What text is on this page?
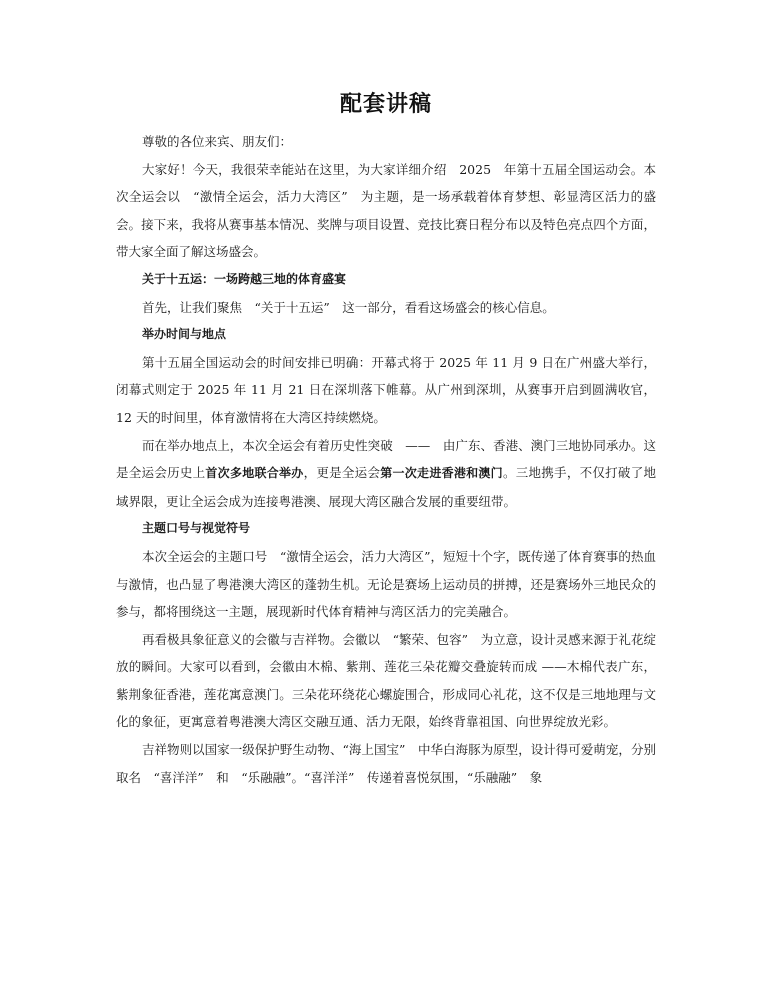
配套讲稿

尊敬的各位来宾、朋友们：

大家好！今天，我很荣幸能站在这里，为大家详细介绍　2025　年第十五届全国运动会。本次全运会以　“激情全运会，活力大湾区”　为主题，是一场承载着体育梦想、彰显湾区活力的盛会。接下来，我将从赛事基本情况、奖牌与项目设置、竞技比赛日程分布以及特色亮点四个方面，带大家全面了解这场盛会。

关于十五运：一场跨越三地的体育盛宴

首先，让我们聚焦　“关于十五运”　这一部分，看看这场盛会的核心信息。

举办时间与地点

第十五届全国运动会的时间安排已明确：开幕式将于 2025 年 11 月 9 日在广州盛大举行，闭幕式则定于 2025 年 11 月 21 日在深圳落下帷幕。从广州到深圳，从赛事开启到圆满收官，12 天的时间里，体育激情将在大湾区持续燃烧。

而在举办地点上，本次全运会有着历史性突破　——　由广东、香港、澳门三地协同承办。这是全运会历史上首次多地联合举办，更是全运会第一次走进香港和澳门。三地携手，不仅打破了地域界限，更让全运会成为连接粤港澳、展现大湾区融合发展的重要纽带。

主题口号与视觉符号

本次全运会的主题口号　“激情全运会，活力大湾区”，短短十个字，既传递了体育赛事的热血与激情，也凸显了粤港澳大湾区的蓬勃生机。无论是赛场上运动员的拼搏，还是赛场外三地民众的参与，都将围绕这一主题，展现新时代体育精神与湾区活力的完美融合。

再看极具象征意义的会徽与吉祥物。会徽以　“繁荣、包容”　为立意，设计灵感来源于礼花绽放的瞬间。大家可以看到，会徽由木棉、紫荆、莲花三朵花瓣交叠旋转而成 ——木棉代表广东，紫荆象征香港，莲花寓意澳门。三朵花环绕花心螺旋围合，形成同心礼花，这不仅是三地地理与文化的象征，更寓意着粤港澳大湾区交融互通、活力无限，始终背靠祖国、向世界绽放光彩。

吉祥物则以国家一级保护野生动物、“海上国宝”　中华白海豚为原型，设计得可爱萌宠，分别取名　“喜洋洋”　和　“乐融融”。“喜洋洋”　传递着喜悦氛围，“乐融融”　象
